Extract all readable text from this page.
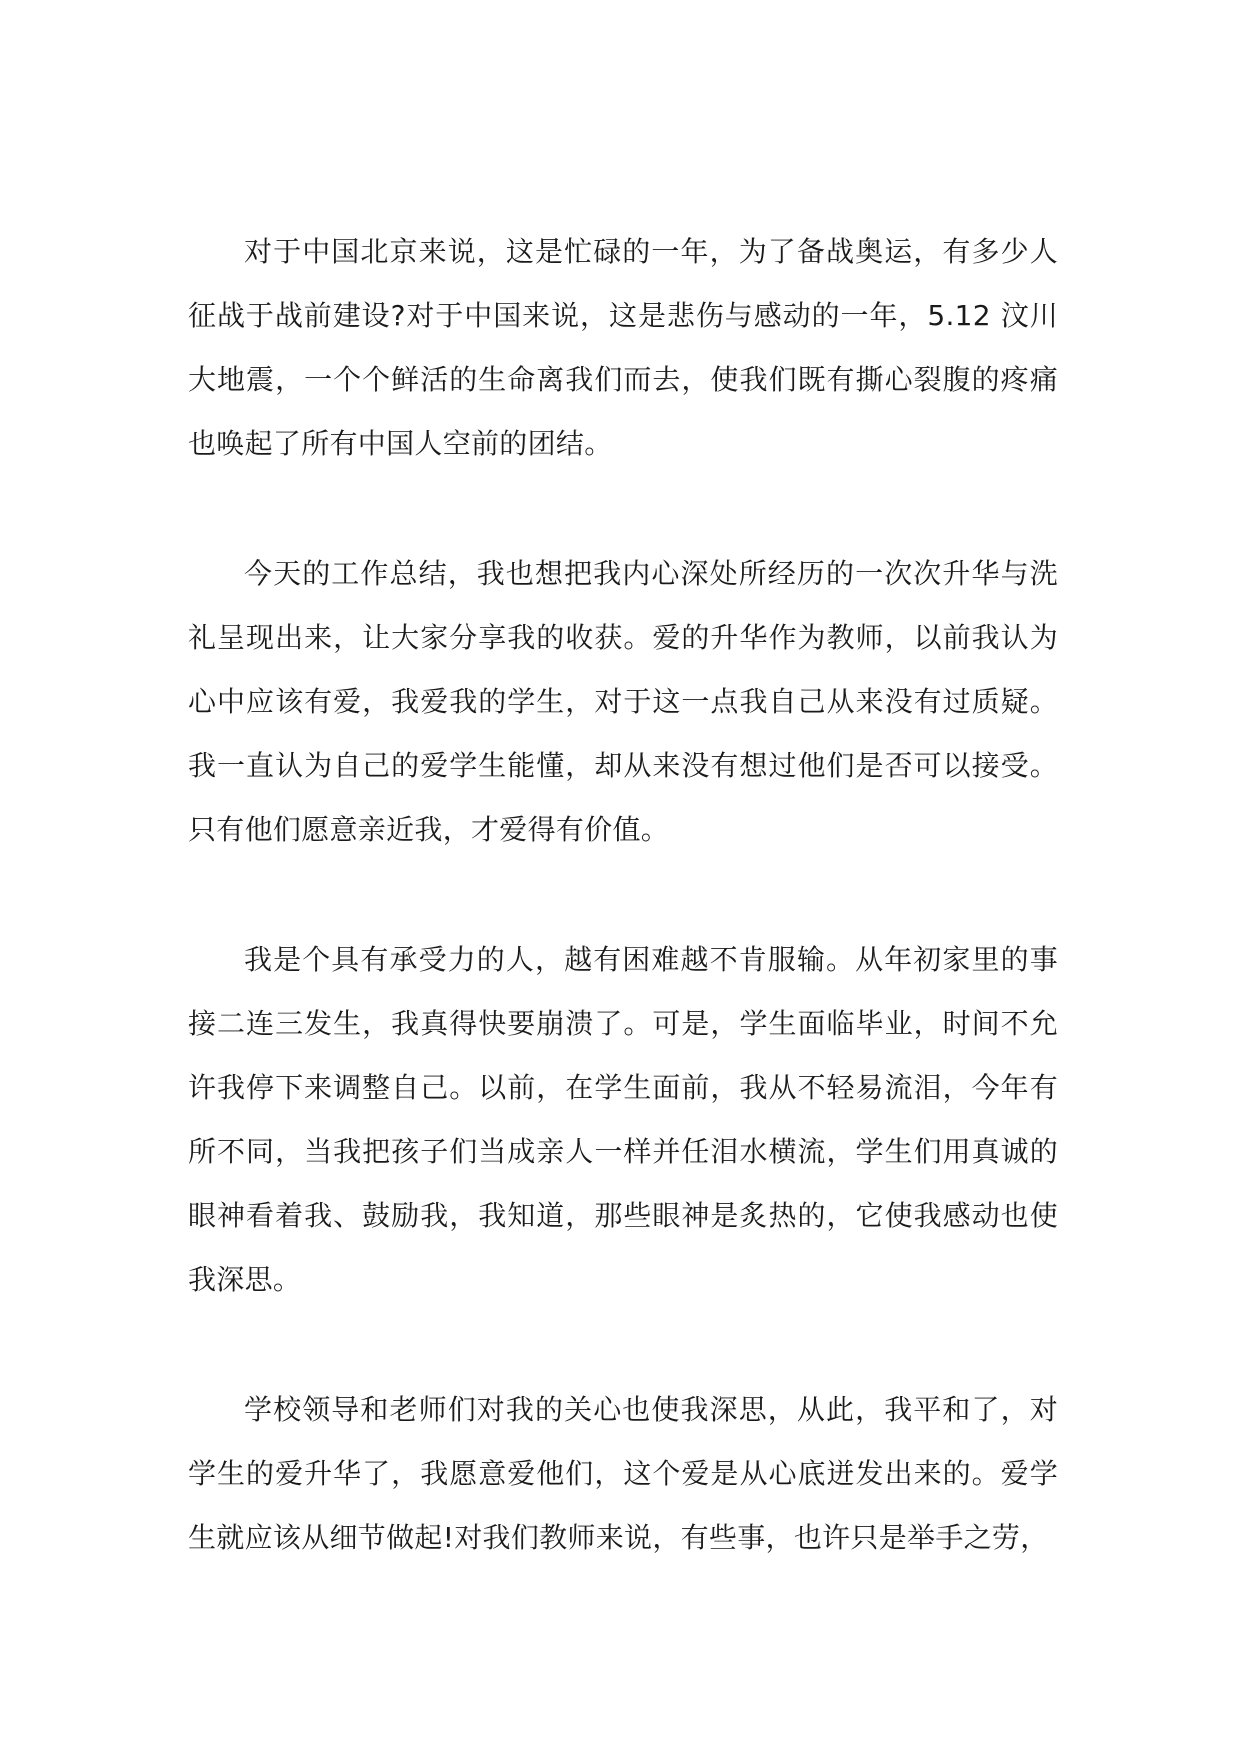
对于中国北京来说，这是忙碌的一年，为了备战奥运，有多少人征战于战前建设?对于中国来说，这是悲伤与感动的一年，5.12 汶川大地震，一个个鲜活的生命离我们而去，使我们既有撕心裂腹的疼痛也唤起了所有中国人空前的团结。

今天的工作总结，我也想把我内心深处所经历的一次次升华与洗礼呈现出来，让大家分享我的收获。爱的升华作为教师，以前我认为心中应该有爱，我爱我的学生，对于这一点我自己从来没有过质疑。我一直认为自己的爱学生能懂，却从来没有想过他们是否可以接受。只有他们愿意亲近我，才爱得有价值。

我是个具有承受力的人，越有困难越不肯服输。从年初家里的事接二连三发生，我真得快要崩溃了。可是，学生面临毕业，时间不允许我停下来调整自己。以前，在学生面前，我从不轻易流泪，今年有所不同，当我把孩子们当成亲人一样并任泪水横流，学生们用真诚的眼神看着我、鼓励我，我知道，那些眼神是炙热的，它使我感动也使我深思。

学校领导和老师们对我的关心也使我深思，从此，我平和了，对学生的爱升华了，我愿意爱他们，这个爱是从心底迸发出来的。爱学生就应该从细节做起!对我们教师来说，有些事，也许只是举手之劳，
